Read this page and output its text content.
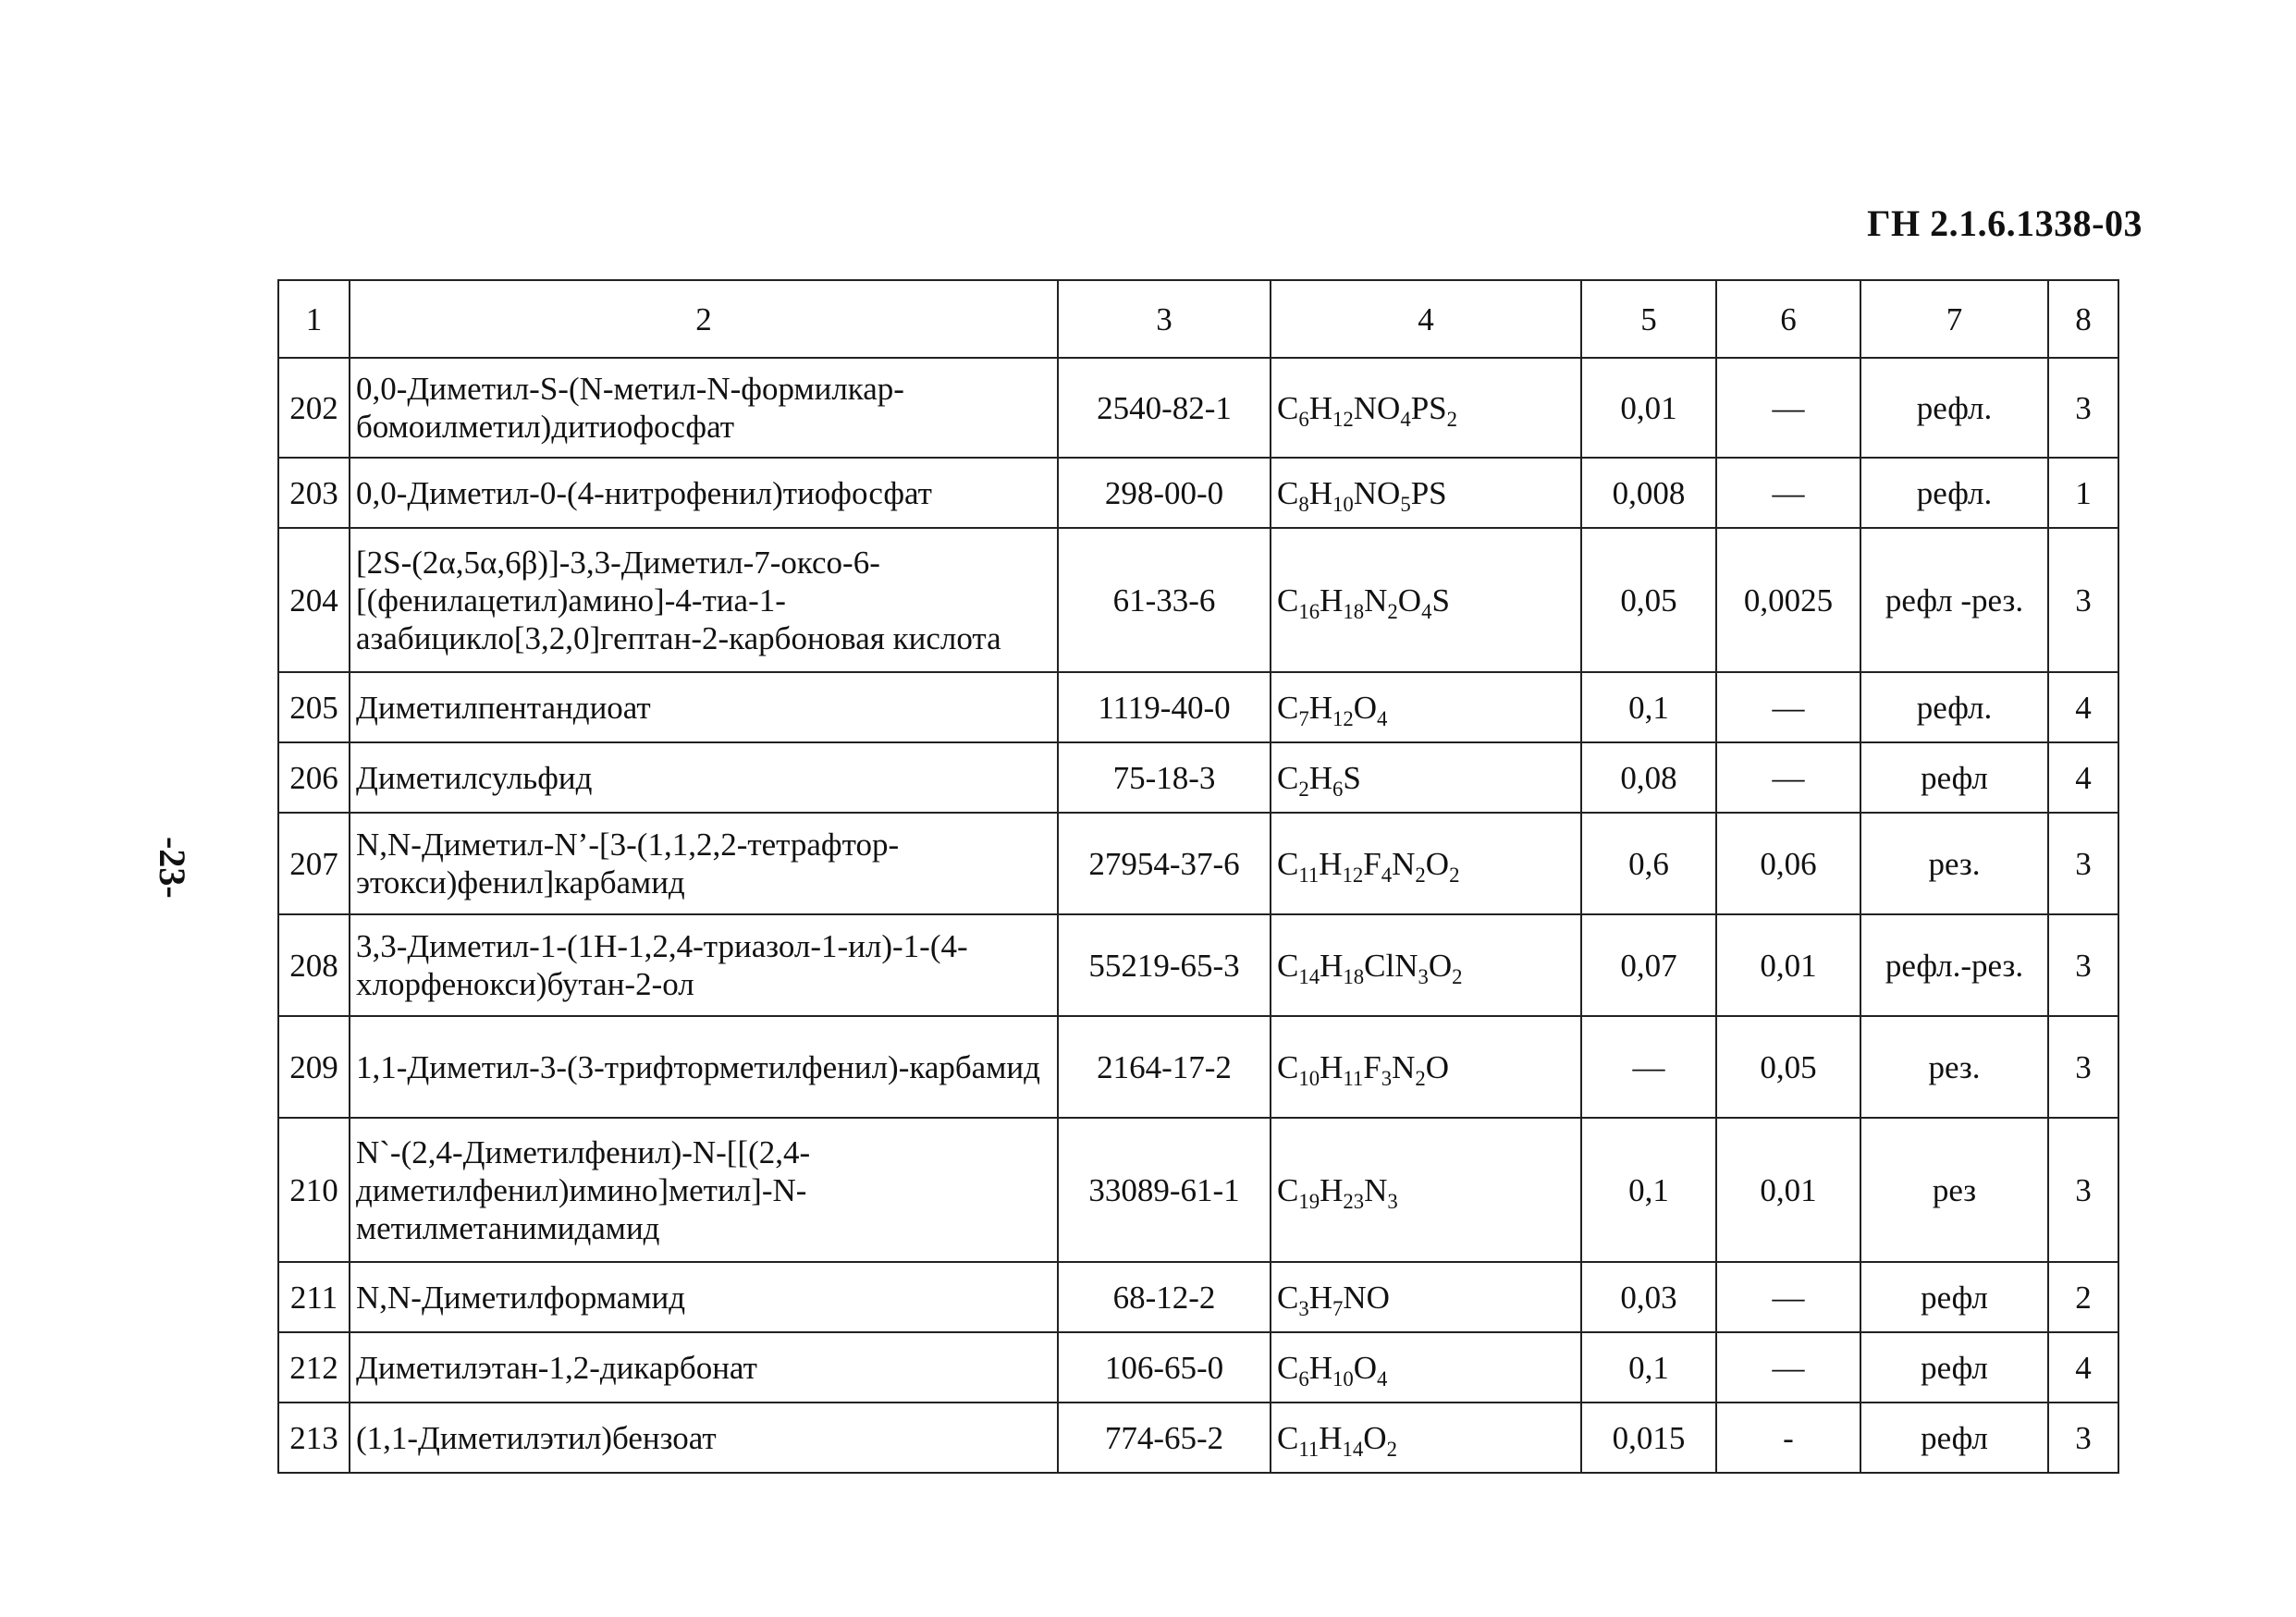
ГН 2.1.6.1338-03
-23-
1	2	3	4	5	6	7	8
202	0,0-Диметил-S-(N-метил-N-формилкар-бомоилметил)дитиофосфат	2540-82-1	$C_6H_{12}NO_4PS_2$	0,01	—	рефл.	3
203	0,0-Диметил-0-(4-нитрофенил)тиофосфат	298-00-0	$C_8H_{10}NO_5PS$	0,008	—	рефл.	1
204	[2S-(2α,5α,6β)]-3,3-Диметил-7-оксо-6-[(фенилацетил)амино]-4-тиа-1-азабицикло[3,2,0]гептан-2-карбоновая кислота	61-33-6	$C_{16}H_{18}N_2O_4S$	0,05	0,0025	рефл -рез.	3
205	Диметилпентандиоат	1119-40-0	$C_7H_{12}O_4$	0,1	—	рефл.	4
206	Диметилсульфид	75-18-3	$C_2H_6S$	0,08	—	рефл	4
207	N,N-Диметил-N’-[3-(1,1,2,2-тетрафтор-этокси)фенил]карбамид	27954-37-6	$C_{11}H_{12}F_4N_2O_2$	0,6	0,06	рез.	3
208	3,3-Диметил-1-(1H-1,2,4-триазол-1-ил)-1-(4-хлорфенокси)бутан-2-ол	55219-65-3	$C_{14}H_{18}ClN_3O_2$	0,07	0,01	рефл.-рез.	3
209	1,1-Диметил-3-(3-трифторметилфенил)-карбамид	2164-17-2	$C_{10}H_{11}F_3N_2O$	—	0,05	рез.	3
210	N`-(2,4-Диметилфенил)-N-[[(2,4-диметилфенил)имино]метил]-N-метилметанимидамид	33089-61-1	$C_{19}H_{23}N_3$	0,1	0,01	рез	3
211	N,N-Диметилформамид	68-12-2	$C_3H_7NO$	0,03	—	рефл	2
212	Диметилэтан-1,2-дикарбонат	106-65-0	$C_6H_{10}O_4$	0,1	—	рефл	4
213	(1,1-Диметилэтил)бензоат	774-65-2	$C_{11}H_{14}O_2$	0,015	-	рефл	3
